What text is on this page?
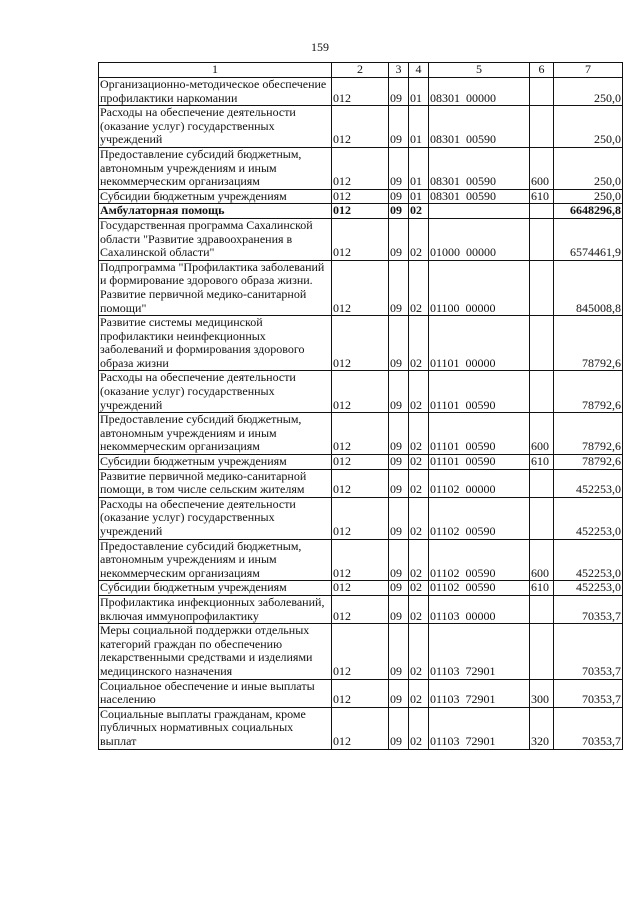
159
1	2	3	4	5	6	7
Организационно-методическое обеспечение профилактики наркомании	012	09	01	08301  00000		250,0
Расходы на обеспечение деятельности (оказание услуг) государственных учреждений	012	09	01	08301  00590		250,0
Предоставление субсидий бюджетным, автономным учреждениям и иным некоммерческим организациям	012	09	01	08301  00590	600	250,0
Субсидии бюджетным учреждениям	012	09	01	08301  00590	610	250,0
Амбулаторная помощь	012	09	02			6648296,8
Государственная программа Сахалинской области "Развитие здравоохранения в Сахалинской области"	012	09	02	01000  00000		6574461,9
Подпрограмма "Профилактика заболеваний и формирование здорового образа жизни. Развитие первичной медико-санитарной помощи"	012	09	02	01100  00000		845008,8
Развитие системы медицинской профилактики неинфекционных заболеваний и формирования здорового образа жизни	012	09	02	01101  00000		78792,6
Расходы на обеспечение деятельности (оказание услуг) государственных учреждений	012	09	02	01101  00590		78792,6
Предоставление субсидий бюджетным, автономным учреждениям и иным некоммерческим организациям	012	09	02	01101  00590	600	78792,6
Субсидии бюджетным учреждениям	012	09	02	01101  00590	610	78792,6
Развитие первичной медико-санитарной помощи, в том числе сельским жителям	012	09	02	01102  00000		452253,0
Расходы на обеспечение деятельности (оказание услуг) государственных учреждений	012	09	02	01102  00590		452253,0
Предоставление субсидий бюджетным, автономным учреждениям и иным некоммерческим организациям	012	09	02	01102  00590	600	452253,0
Субсидии бюджетным учреждениям	012	09	02	01102  00590	610	452253,0
Профилактика инфекционных заболеваний, включая иммунопрофилактику	012	09	02	01103  00000		70353,7
Меры социальной поддержки отдельных категорий граждан по обеспечению лекарственными средствами и изделиями медицинского назначения	012	09	02	01103  72901		70353,7
Социальное обеспечение и иные выплаты населению	012	09	02	01103  72901	300	70353,7
Социальные выплаты гражданам, кроме публичных нормативных социальных выплат	012	09	02	01103  72901	320	70353,7
